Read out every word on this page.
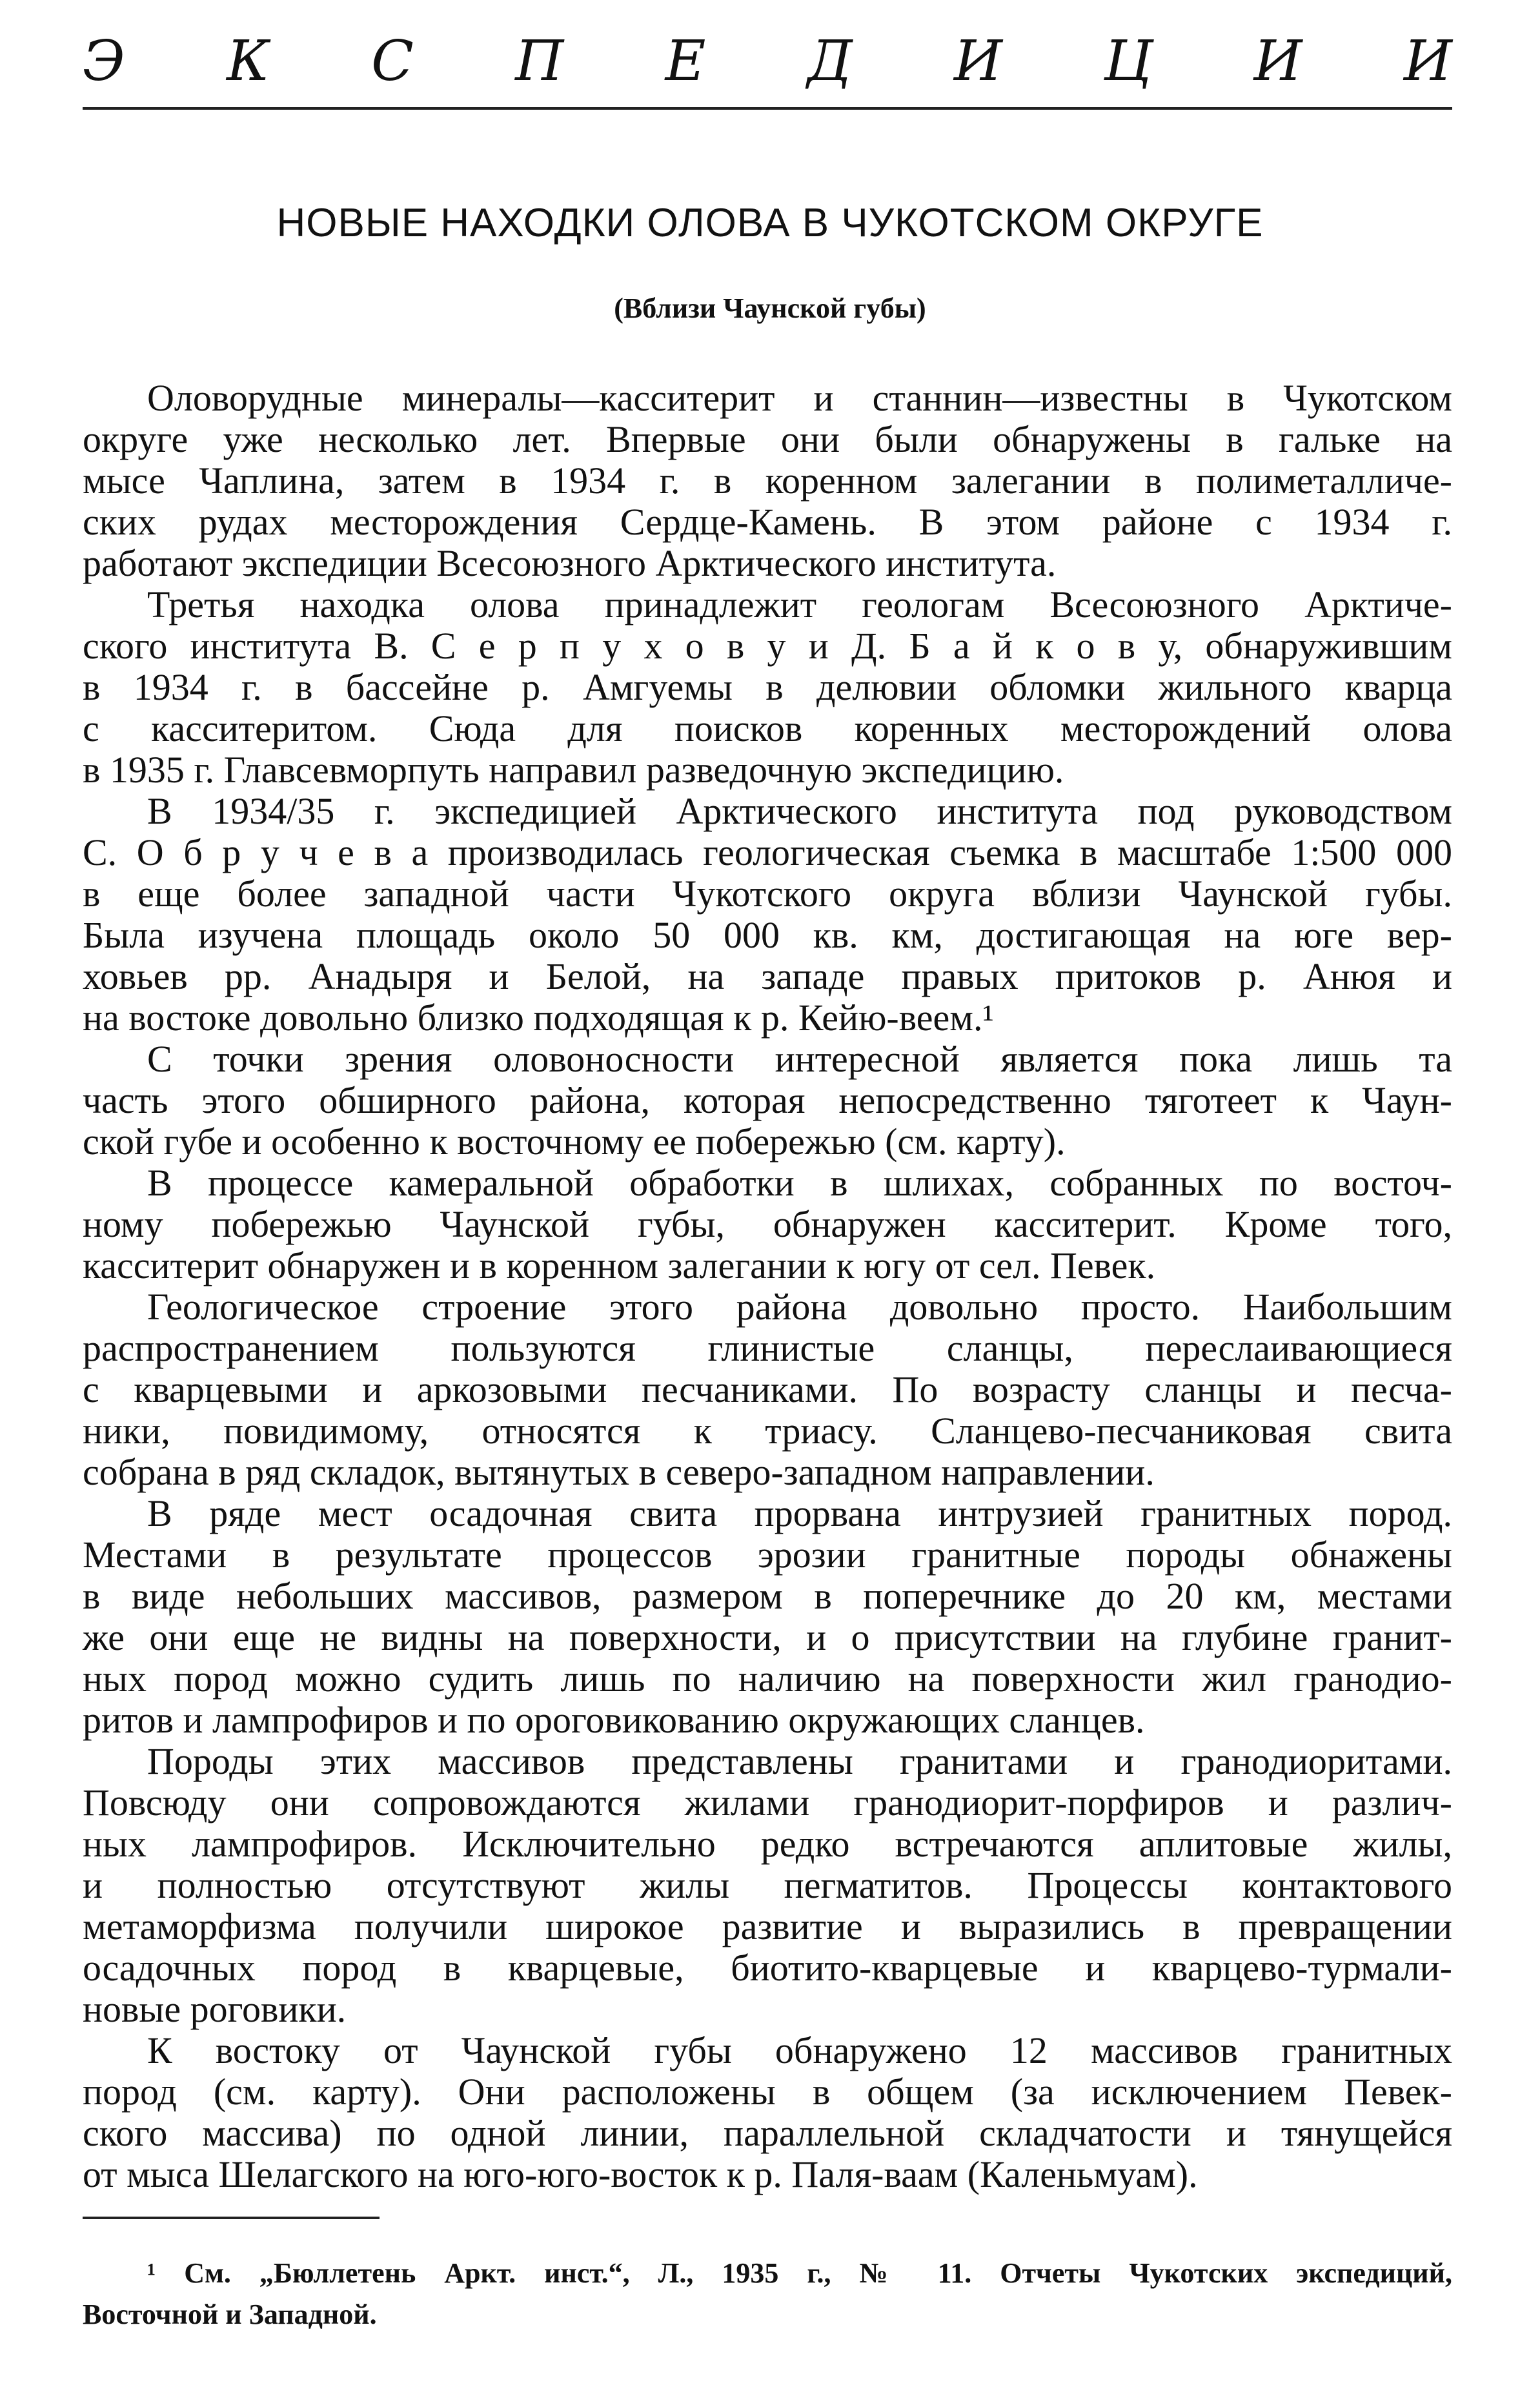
Э К С П Е Д И Ц И И
НОВЫЕ НАХОДКИ ОЛОВА В ЧУКОТСКОМ ОКРУГЕ
(Вблизи Чаунской губы)
Оловорудные минералы—касситерит и станнин—известны в Чукотском
округе уже несколько лет. Впервые они были обнаружены в гальке на
мысе Чаплина, затем в 1934 г. в коренном залегании в полиметалличе-
ских рудах месторождения Сердце-Камень. В этом районе с 1934 г.
работают экспедиции Всесоюзного Арктического института.
Третья находка олова принадлежит геологам Всесоюзного Арктиче-
ского института В. С е р п у х о в у и Д. Б а й к о в у, обнаружившим
в 1934 г. в бассейне р. Амгуемы в делювии обломки жильного кварца
с касситеритом. Сюда для поисков коренных месторождений олова
в 1935 г. Главсевморпуть направил разведочную экспедицию.
В 1934/35 г. экспедицией Арктического института под руководством
С. О б р у ч е в а производилась геологическая съемка в масштабе 1:500 000
в еще более западной части Чукотского округа вблизи Чаунской губы.
Была изучена площадь около 50 000 кв. км, достигающая на юге вер-
ховьев рр. Анадыря и Белой, на западе правых притоков р. Анюя и
на востоке довольно близко подходящая к р. Кейю-веем.¹
С точки зрения оловоносности интересной является пока лишь та
часть этого обширного района, которая непосредственно тяготеет к Чаун-
ской губе и особенно к восточному ее побережью (см. карту).
В процессе камеральной обработки в шлихах, собранных по восточ-
ному побережью Чаунской губы, обнаружен касситерит. Кроме того,
касситерит обнаружен и в коренном залегании к югу от сел. Певек.
Геологическое строение этого района довольно просто. Наибольшим
распространением пользуются глинистые сланцы, переслаивающиеся
с кварцевыми и аркозовыми песчаниками. По возрасту сланцы и песча-
ники, повидимому, относятся к триасу. Сланцево-песчаниковая свита
собрана в ряд складок, вытянутых в северо-западном направлении.
В ряде мест осадочная свита прорвана интрузией гранитных пород.
Местами в результате процессов эрозии гранитные породы обнажены
в виде небольших массивов, размером в поперечнике до 20 км, местами
же они еще не видны на поверхности, и о присутствии на глубине гранит-
ных пород можно судить лишь по наличию на поверхности жил гранодио-
ритов и лампрофиров и по ороговикованию окружающих сланцев.
Породы этих массивов представлены гранитами и гранодиоритами.
Повсюду они сопровождаются жилами гранодиорит-порфиров и различ-
ных лампрофиров. Исключительно редко встречаются аплитовые жилы,
и полностью отсутствуют жилы пегматитов. Процессы контактового
метаморфизма получили широкое развитие и выразились в превращении
осадочных пород в кварцевые, биотито-кварцевые и кварцево-турмали-
новые роговики.
К востоку от Чаунской губы обнаружено 12 массивов гранитных
пород (см. карту). Они расположены в общем (за исключением Певек-
ского массива) по одной линии, параллельной складчатости и тянущейся
от мыса Шелагского на юго-юго-восток к р. Паля-ваам (Каленьмуам).
¹ См. „Бюллетень Аркт. инст.“, Л., 1935 г., № 11. Отчеты Чукотских экспедиций,
Восточной и Западной.
